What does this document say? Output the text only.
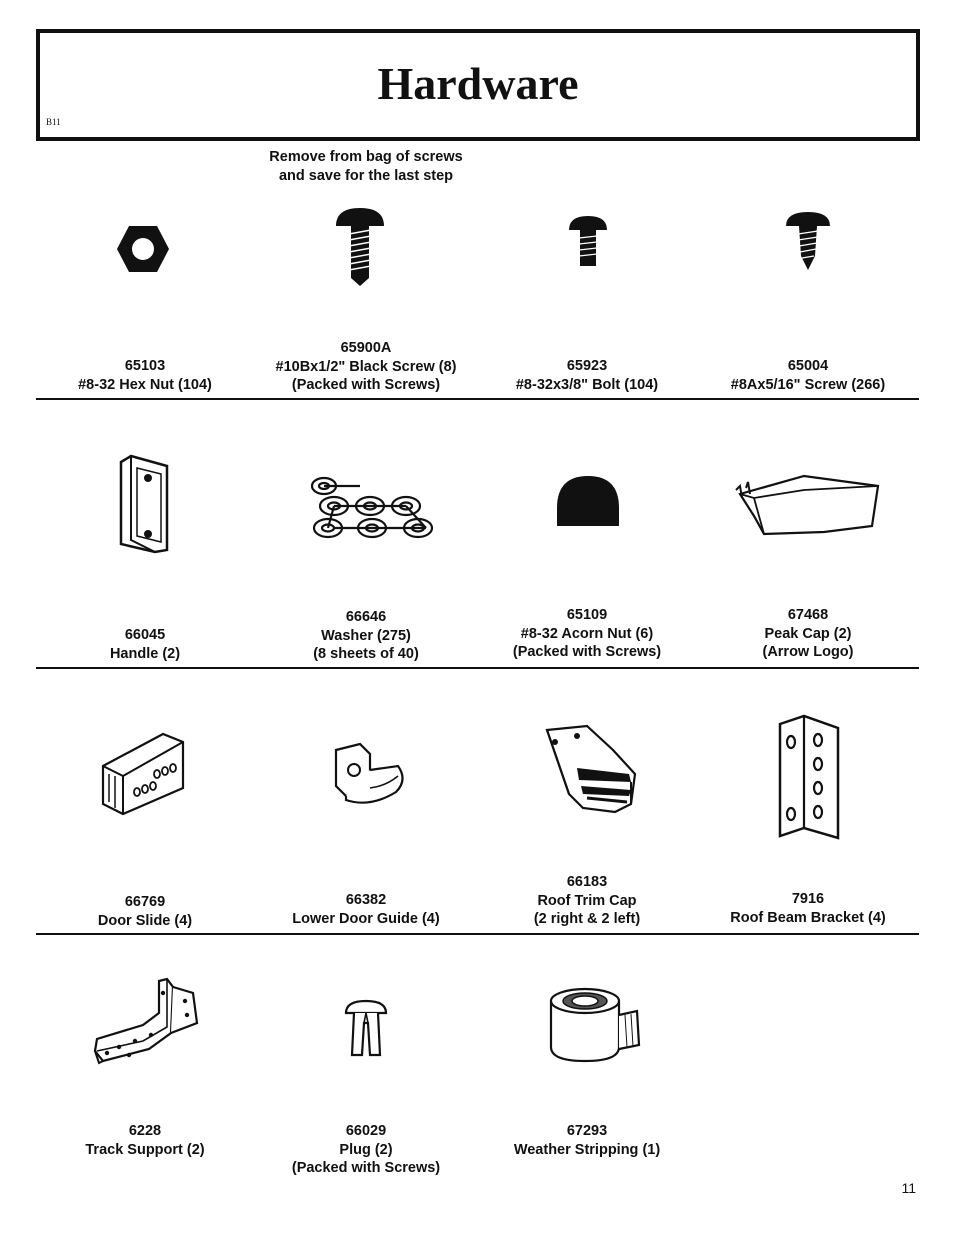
Hardware
B11
Remove from bag of screws
and save for the last step
65103
#8-32 Hex Nut (104)
65900A
#10Bx1/2" Black Screw (8)
(Packed with Screws)
65923
#8-32x3/8" Bolt (104)
65004
#8Ax5/16" Screw (266)
66045
Handle (2)
66646
Washer (275)
(8 sheets of 40)
65109
#8-32 Acorn Nut (6)
(Packed with Screws)
67468
Peak Cap (2)
(Arrow Logo)
66769
Door Slide (4)
66382
Lower Door Guide (4)
66183
Roof Trim Cap
(2 right & 2 left)
7916
Roof Beam Bracket (4)
6228
Track Support (2)
66029
Plug (2)
(Packed with Screws)
67293
Weather Stripping (1)
11
